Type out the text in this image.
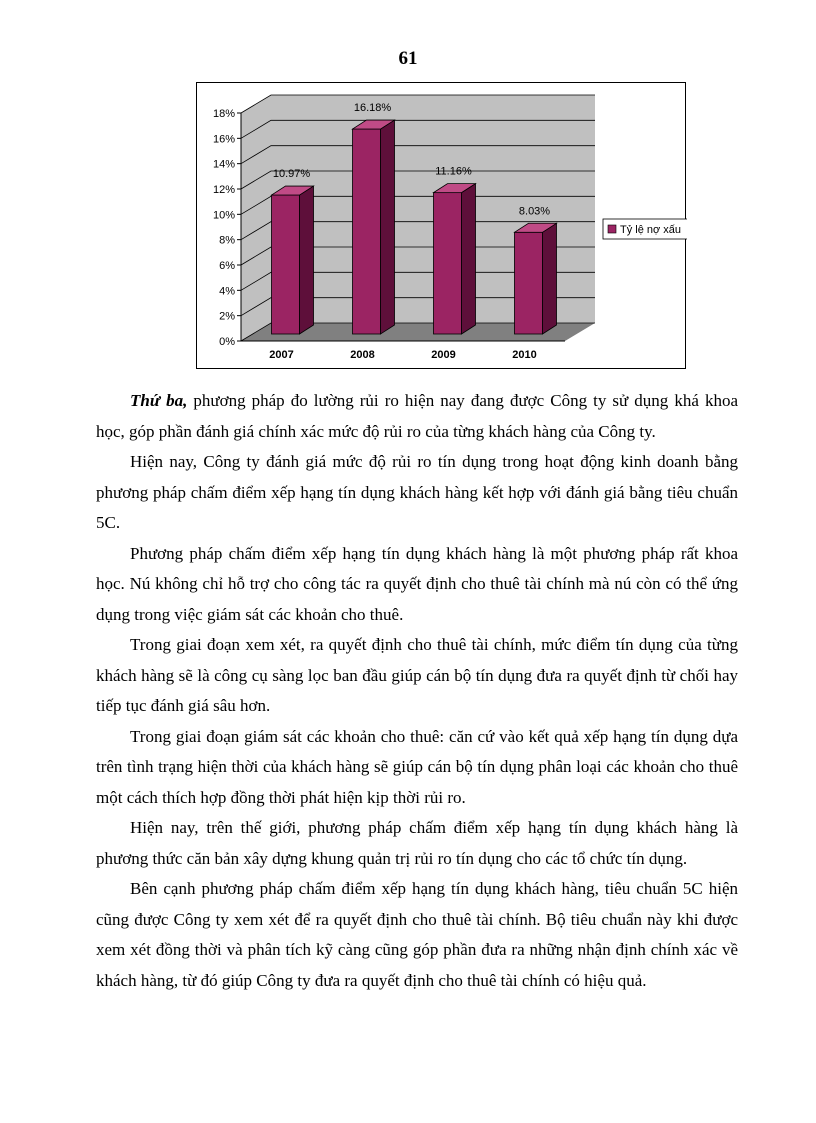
61
0%
2%
4%
6%
8%
10%
12%
14%
16%
18%
10.97%
2007
16.18%
2008
11.16%
2009
8.03%
2010
Tỷ lệ nợ xấu

Thứ ba, phương pháp đo lường rủi ro hiện nay đang được Công ty sử dụng khá khoa học, góp phần đánh giá chính xác mức độ rủi ro của từng khách hàng của Công ty.

Hiện nay, Công ty đánh giá mức độ rủi ro tín dụng trong hoạt động kinh doanh bằng phương pháp chấm điểm xếp hạng tín dụng khách hàng kết hợp với đánh giá bằng tiêu chuẩn 5C.

Phương pháp chấm điểm xếp hạng tín dụng khách hàng là một phương pháp rất khoa học. Nú không chỉ hỗ trợ cho công tác ra quyết định cho thuê tài chính mà nú còn có thể ứng dụng trong việc giám sát các khoản cho thuê.

Trong giai đoạn xem xét, ra quyết định cho thuê tài chính, mức điểm tín dụng của từng khách hàng sẽ là công cụ sàng lọc ban đầu giúp cán bộ tín dụng đưa ra quyết định từ chối hay tiếp tục đánh giá sâu hơn.

Trong giai đoạn giám sát các khoản cho thuê: căn cứ vào kết quả xếp hạng tín dụng dựa trên tình trạng hiện thời của khách hàng sẽ giúp cán bộ tín dụng phân loại các khoản cho thuê một cách thích hợp đồng thời phát hiện kịp thời rủi ro.

Hiện nay, trên thế giới, phương pháp chấm điểm xếp hạng tín dụng khách hàng là phương thức căn bản xây dựng khung quản trị rủi ro tín dụng cho các tổ chức tín dụng.

Bên cạnh phương pháp chấm điểm xếp hạng tín dụng khách hàng, tiêu chuẩn 5C hiện cũng được Công ty xem xét để ra quyết định cho thuê tài chính. Bộ tiêu chuẩn này khi được xem xét đồng thời và phân tích kỹ càng cũng góp phần đưa ra những nhận định chính xác về khách hàng, từ đó giúp Công ty đưa ra quyết định cho thuê tài chính có hiệu quả.
